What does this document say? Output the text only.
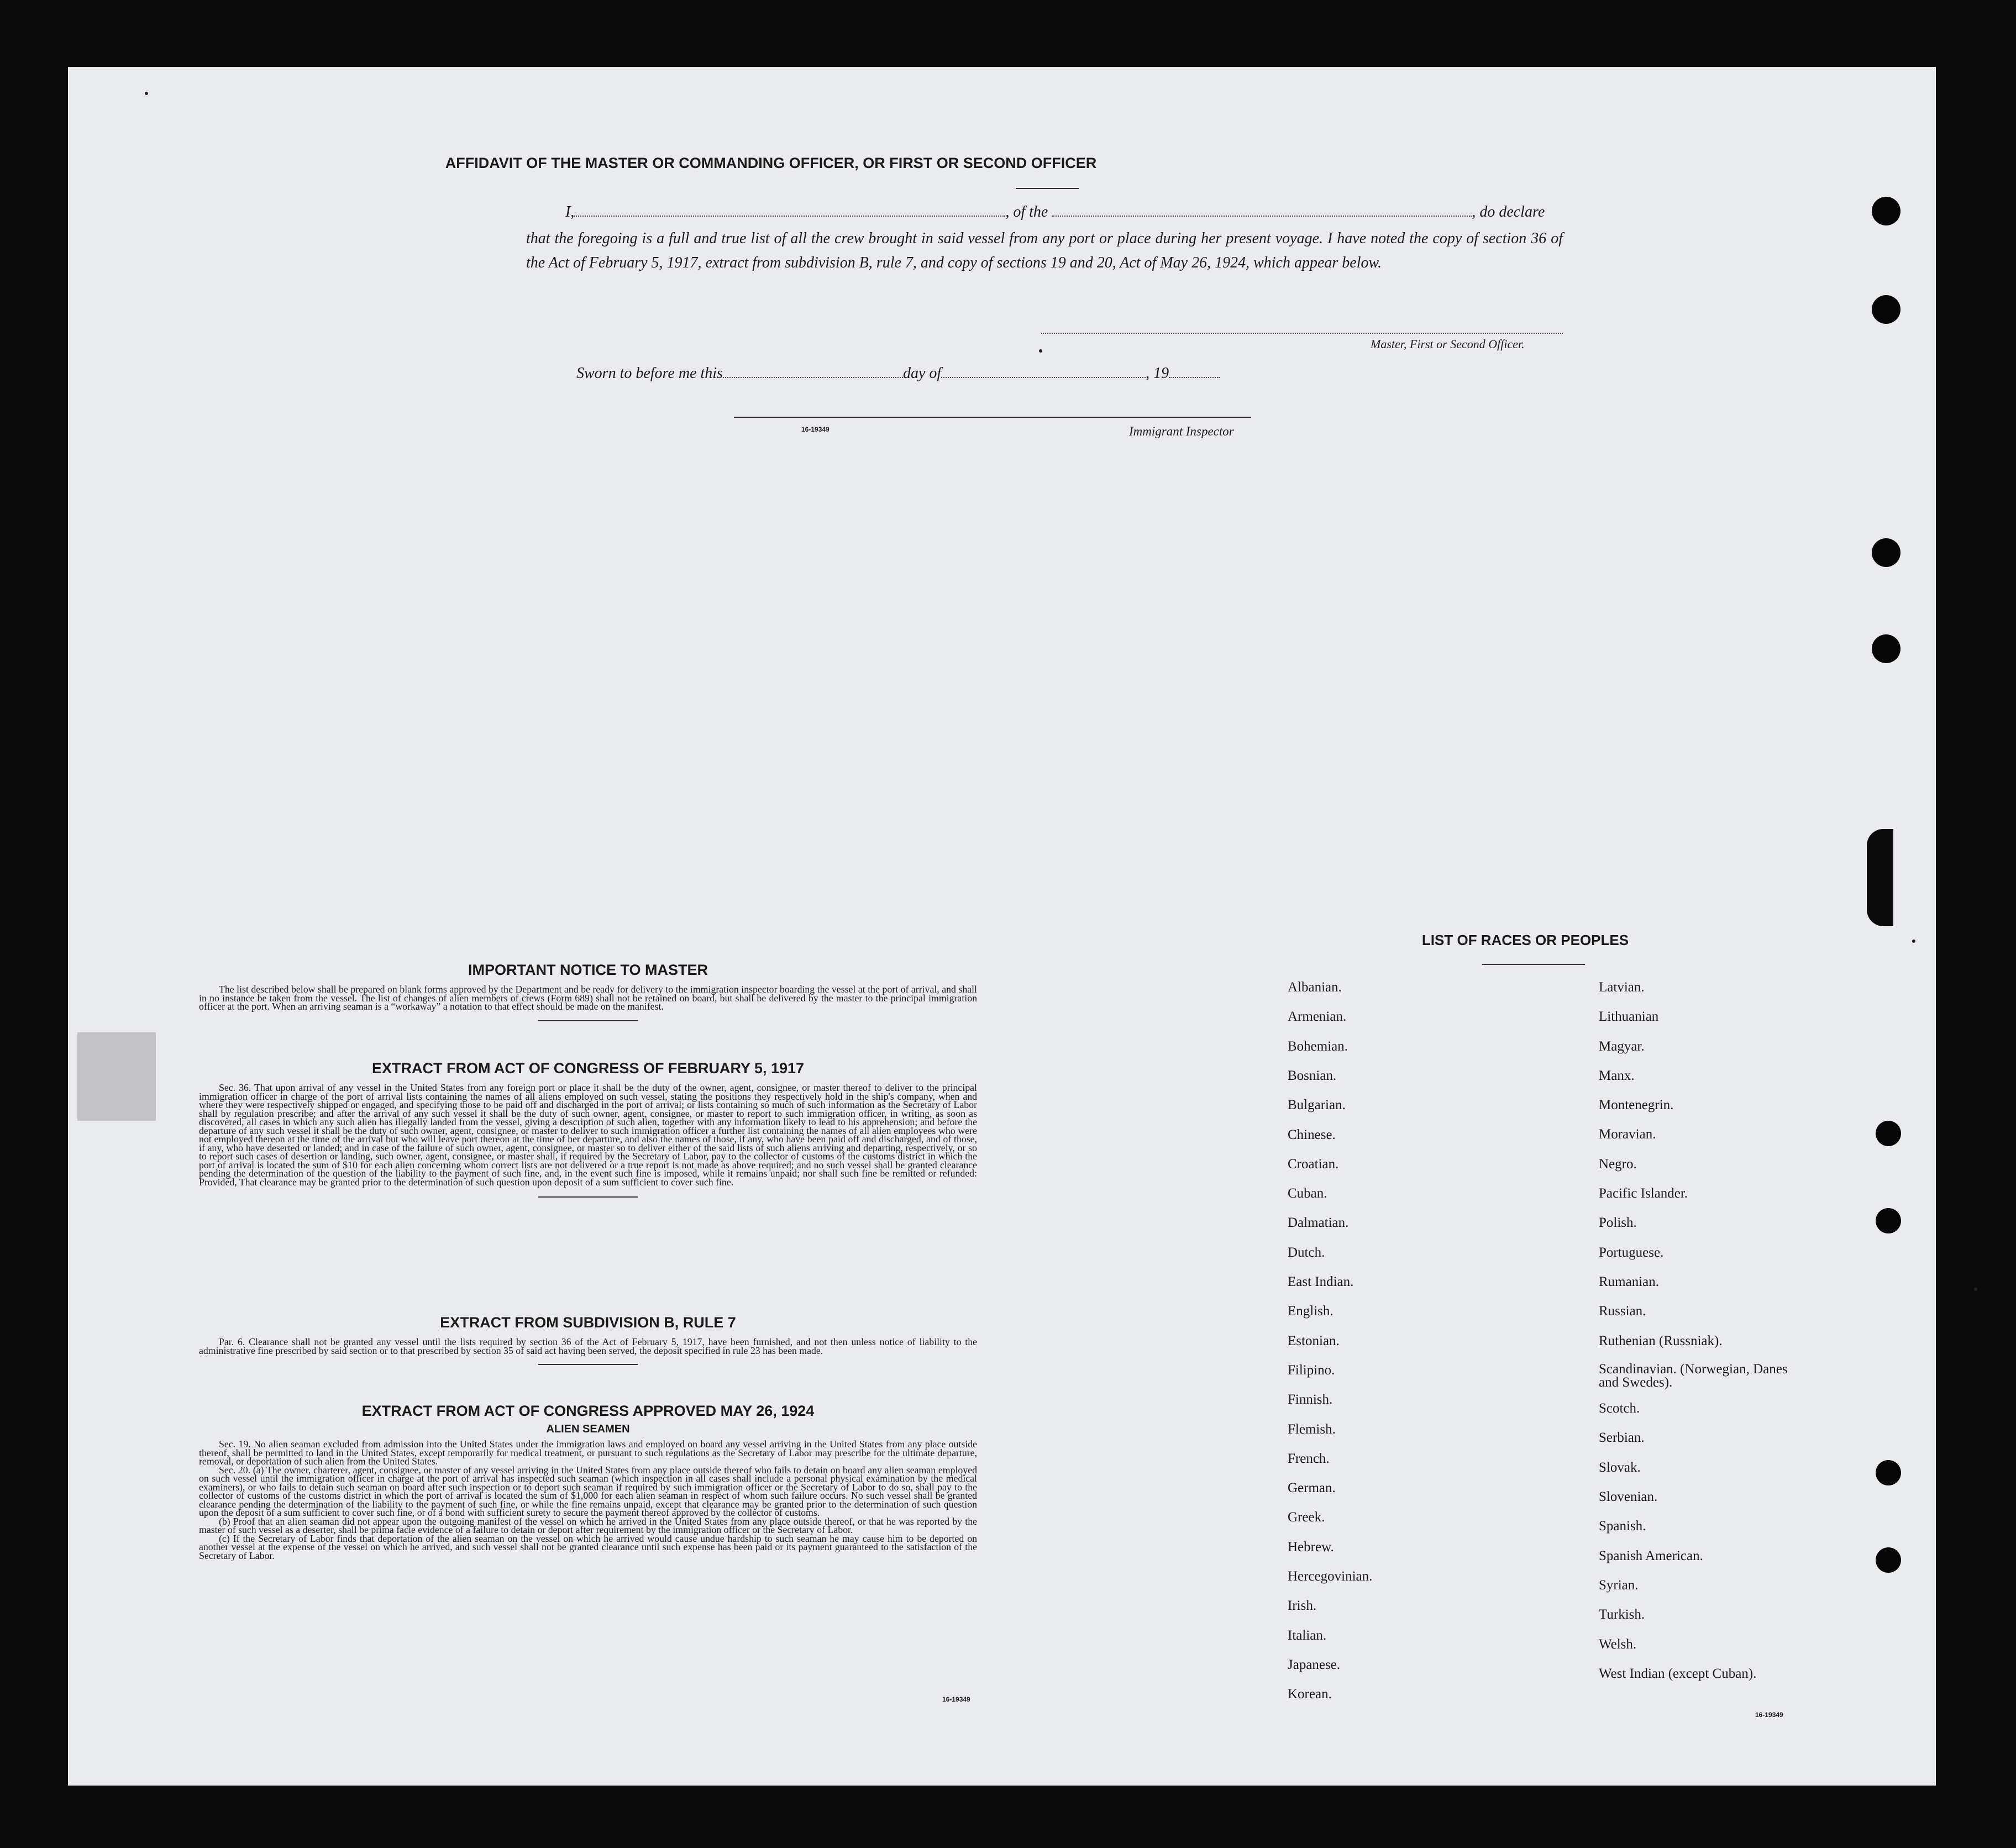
AFFIDAVIT OF THE MASTER OR COMMANDING OFFICER, OR FIRST OR SECOND OFFICER
I,	, of the	, do declare
that the foregoing is a full and true list of all the crew brought in said vessel from any port or place during her present voyage. I have noted the copy of section 36 of the Act of February 5, 1917, extract from subdivision B, rule 7, and copy of sections 19 and 20, Act of May 26, 1924, which appear below.
Master, First or Second Officer.
Sworn to before me this	day of	, 19
16-19349	Immigrant Inspector
IMPORTANT NOTICE TO MASTER

The list described below shall be prepared on blank forms approved by the Department and be ready for delivery to the immigration inspector boarding the vessel at the port of arrival, and shall in no instance be taken from the vessel. The list of changes of alien members of crews (Form 689) shall not be retained on board, but shall be delivered by the master to the principal immigration officer at the port. When an arriving seaman is a “workaway” a notation to that effect should be made on the manifest.

EXTRACT FROM ACT OF CONGRESS OF FEBRUARY 5, 1917

Sec. 36. That upon arrival of any vessel in the United States from any foreign port or place it shall be the duty of the owner, agent, consignee, or master thereof to deliver to the principal immigration officer in charge of the port of arrival lists containing the names of all aliens employed on such vessel, stating the positions they respectively hold in the ship's company, when and where they were respectively shipped or engaged, and specifying those to be paid off and discharged in the port of arrival; or lists containing so much of such information as the Secretary of Labor shall by regulation prescribe; and after the arrival of any such vessel it shall be the duty of such owner, agent, consignee, or master to report to such immigration officer, in writing, as soon as discovered, all cases in which any such alien has illegally landed from the vessel, giving a description of such alien, together with any information likely to lead to his apprehension; and before the departure of any such vessel it shall be the duty of such owner, agent, consignee, or master to deliver to such immigration officer a further list containing the names of all alien employees who were not employed thereon at the time of the arrival but who will leave port thereon at the time of her departure, and also the names of those, if any, who have been paid off and discharged, and of those, if any, who have deserted or landed; and in case of the failure of such owner, agent, consignee, or master so to deliver either of the said lists of such aliens arriving and departing, respectively, or so to report such cases of desertion or landing, such owner, agent, consignee, or master shall, if required by the Secretary of Labor, pay to the collector of customs of the customs district in which the port of arrival is located the sum of $10 for each alien concerning whom correct lists are not delivered or a true report is not made as above required; and no such vessel shall be granted clearance pending the determination of the question of the liability to the payment of such fine, and, in the event such fine is imposed, while it remains unpaid; nor shall such fine be remitted or refunded: Provided, That clearance may be granted prior to the determination of such question upon deposit of a sum sufficient to cover such fine.

EXTRACT FROM SUBDIVISION B, RULE 7

Par. 6. Clearance shall not be granted any vessel until the lists required by section 36 of the Act of February 5, 1917, have been furnished, and not then unless notice of liability to the administrative fine prescribed by said section or to that prescribed by section 35 of said act having been served, the deposit specified in rule 23 has been made.

EXTRACT FROM ACT OF CONGRESS APPROVED MAY 26, 1924
ALIEN SEAMEN

Sec. 19. No alien seaman excluded from admission into the United States under the immigration laws and employed on board any vessel arriving in the United States from any place outside thereof, shall be permitted to land in the United States, except temporarily for medical treatment, or pursuant to such regulations as the Secretary of Labor may prescribe for the ultimate departure, removal, or deportation of such alien from the United States.

Sec. 20. (a) The owner, charterer, agent, consignee, or master of any vessel arriving in the United States from any place outside thereof who fails to detain on board any alien seaman employed on such vessel until the immigration officer in charge at the port of arrival has inspected such seaman (which inspection in all cases shall include a personal physical examination by the medical examiners), or who fails to detain such seaman on board after such inspection or to deport such seaman if required by such immigration officer or the Secretary of Labor to do so, shall pay to the collector of customs of the customs district in which the port of arrival is located the sum of $1,000 for each alien seaman in respect of whom such failure occurs. No such vessel shall be granted clearance pending the determination of the liability to the payment of such fine, or while the fine remains unpaid, except that clearance may be granted prior to the determination of such question upon the deposit of a sum sufficient to cover such fine, or of a bond with sufficient surety to secure the payment thereof approved by the collector of customs.

(b) Proof that an alien seaman did not appear upon the outgoing manifest of the vessel on which he arrived in the United States from any place outside thereof, or that he was reported by the master of such vessel as a deserter, shall be prima facie evidence of a failure to detain or deport after requirement by the immigration officer or the Secretary of Labor.

(c) If the Secretary of Labor finds that deportation of the alien seaman on the vessel on which he arrived would cause undue hardship to such seaman he may cause him to be deported on another vessel at the expense of the vessel on which he arrived, and such vessel shall not be granted clearance until such expense has been paid or its payment guaranteed to the satisfaction of the Secretary of Labor.

16-19349
LIST OF RACES OR PEOPLES
Albanian.
Armenian.
Bohemian.
Bosnian.
Bulgarian.
Chinese.
Croatian.
Cuban.
Dalmatian.
Dutch.
East Indian.
English.
Estonian.
Filipino.
Finnish.
Flemish.
French.
German.
Greek.
Hebrew.
Hercegovinian.
Irish.
Italian.
Japanese.
Korean.
Latvian.
Lithuanian
Magyar.
Manx.
Montenegrin.
Moravian.
Negro.
Pacific Islander.
Polish.
Portuguese.
Rumanian.
Russian.
Ruthenian (Russniak).
Scandinavian. (Norwegian, Danes and Swedes).
Scotch.
Serbian.
Slovak.
Slovenian.
Spanish.
Spanish American.
Syrian.
Turkish.
Welsh.
West Indian (except Cuban).
16-19349
